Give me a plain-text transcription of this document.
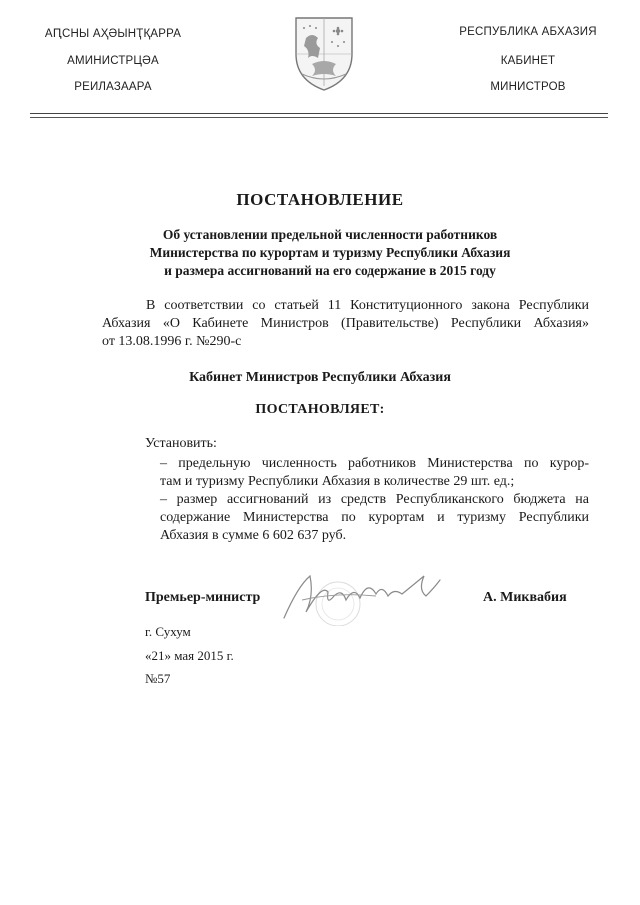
АԤСНЫ АҲӘЫНҬҚАРРА
АМИНИСТРЦӘА
РЕИЛАЗААРА
РЕСПУБЛИКА АБХАЗИЯ
КАБИНЕТ
МИНИСТРОВ
ПОСТАНОВЛЕНИЕ
Об установлении предельной численности работников
Министерства по курортам и туризму Республики Абхазия
и размера ассигнований на его содержание в 2015 году
В соответствии со статьей 11 Конституционного закона Республики
Абхазия «О Кабинете Министров (Правительстве) Республики Абхазия»
от 13.08.1996 г. №290-с
Кабинет Министров Республики Абхазия
ПОСТАНОВЛЯЕТ:
Установить:
– предельную численность работников Министерства по курор-
там и туризму Республики Абхазия в количестве 29 шт. ед.;
– размер ассигнований из средств Республиканского бюджета на
содержание Министерства по курортам и туризму Республики
Абхазия в сумме 6 602 637 руб.
Премьер-министр	А. Миквабия
г. Сухум
«21» мая 2015 г.
№57
